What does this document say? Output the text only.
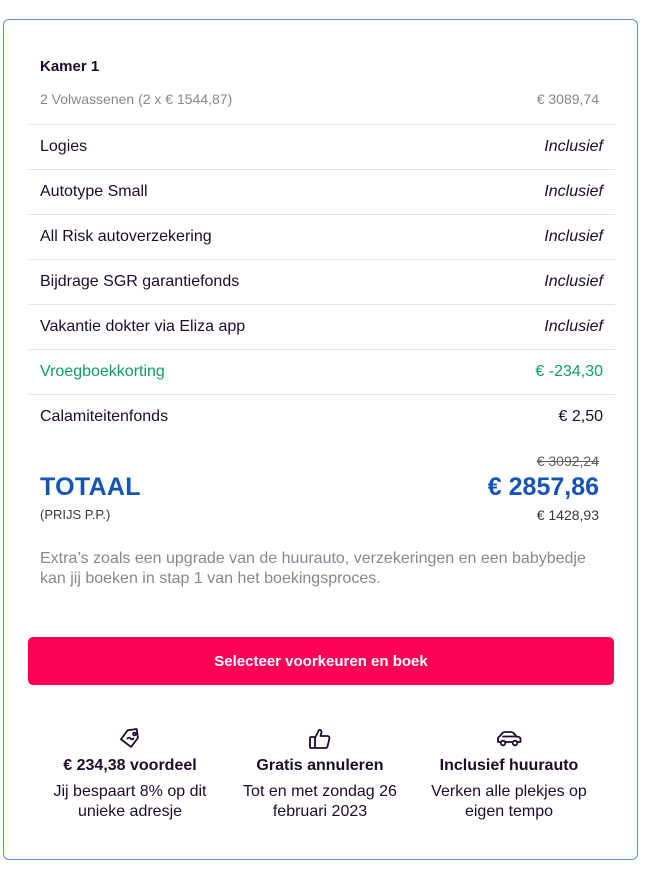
Kamer 1
2 Volwassenen (2 x € 1544,87)	€ 3089,74
Logies	Inclusief
Autotype Small	Inclusief
All Risk autoverzekering	Inclusief
Bijdrage SGR garantiefonds	Inclusief
Vakantie dokter via Eliza app	Inclusief
Vroegboekkorting	€ -234,30
Calamiteitenfonds	€ 2,50
€ 3092,24
TOTAAL	€ 2857,86
(PRIJS P.P.)	€ 1428,93

Extra’s zoals een upgrade van de huurauto, verzekeringen en een babybedje kan jij boeken in stap 1 van het boekingsproces.

Selecteer voorkeuren en boek
€ 234,38 voordeel
Jij bespaart 8% op dit unieke adresje
Gratis annuleren
Tot en met zondag 26 februari 2023
Inclusief huurauto
Verken alle plekjes op eigen tempo
